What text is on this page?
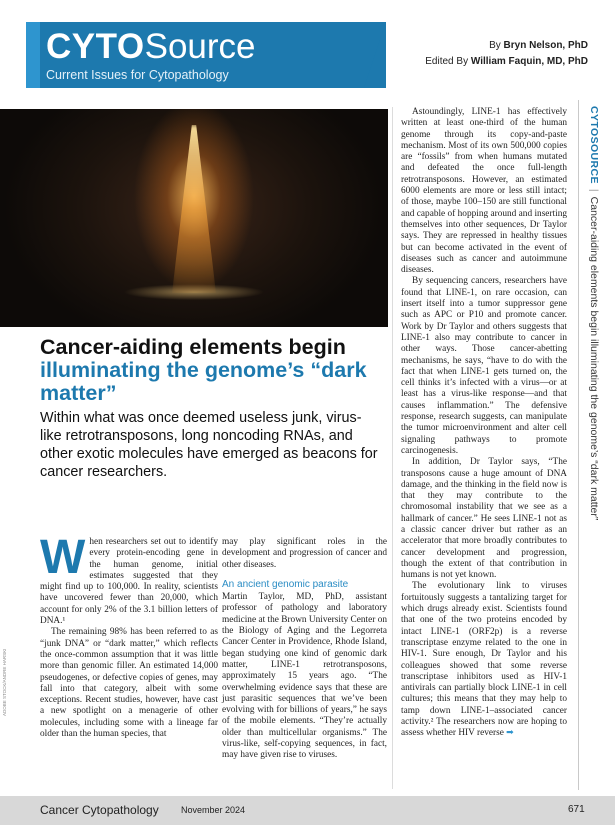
CYTOSource
Current Issues for Cytopathology
By Bryn Nelson, PhD
Edited By William Faquin, MD, PhD
ADOBE STOCK/ANDRE HARSKI
Cancer-aiding elements begin
illuminating the genome’s “dark matter”
Within what was once deemed useless junk, virus-like retrotransposons, long noncoding RNAs, and other exotic molecules have emerged as beacons for cancer researchers.

When researchers set out to identify every protein-encoding gene in the human genome, initial estimates suggested that they might find up to 100,000. In reality, scientists have uncovered fewer than 20,000, which account for only 2% of the 3.1 billion letters of DNA.¹

The remaining 98% has been referred to as “junk DNA” or “dark matter,” which reflects the once-common assumption that it was little more than genomic filler. An estimated 14,000 pseudogenes, or defective copies of genes, may fall into that category, albeit with some exceptions. Recent studies, however, have cast a new spotlight on a menagerie of other molecules, including some with a lineage far older than the human species, that

may play significant roles in the development and progression of cancer and other diseases.

An ancient genomic parasite

Martin Taylor, MD, PhD, assistant professor of pathology and laboratory medicine at the Brown University Center on the Biology of Aging and the Legorreta Cancer Center in Providence, Rhode Island, began studying one kind of genomic dark matter, LINE-1 retrotransposons, approximately 15 years ago. “The overwhelming evidence says that these are just parasitic sequences that we’ve been evolving with for billions of years,” he says of the mobile elements. “They’re actually older than multicellular organisms.” The virus-like, self-copying sequences, in fact, may have given rise to viruses.

Astoundingly, LINE-1 has effectively written at least one-third of the human genome through its copy-and-paste mechanism. Most of its own 500,000 copies are “fossils” from when humans mutated and defeated the once full-length retrotransposons. However, an estimated 6000 elements are more or less still intact; of those, maybe 100–150 are still functional and capable of hopping around and inserting themselves into other sequences, Dr Taylor says. They are repressed in healthy tissues but can become activated in the event of diseases such as cancer and autoimmune diseases.

By sequencing cancers, researchers have found that LINE-1, on rare occasion, can insert itself into a tumor suppressor gene such as APC or P10 and promote cancer. Work by Dr Taylor and others suggests that LINE-1 also may contribute to cancer in other ways. Those cancer-abetting mechanisms, he says, “have to do with the fact that when LINE-1 gets turned on, the cell thinks it’s infected with a virus—or at least has a virus-like response—and that causes inflammation.” The defensive response, research suggests, can manipulate the tumor microenvironment and alter cell signaling pathways to promote carcinogenesis.

In addition, Dr Taylor says, “The transposons cause a huge amount of DNA damage, and the thinking in the field now is that they may contribute to the chromosomal instability that we see as a hallmark of cancer.” He sees LINE-1 not as a classic cancer driver but rather as an accelerator that more broadly contributes to cancer development and progression, though the extent of that contribution in humans is not yet known.

The evolutionary link to viruses fortuitously suggests a tantalizing target for which drugs already exist. Scientists found that one of the two proteins encoded by intact LINE-1 (ORF2p) is a reverse transcriptase enzyme related to the one in HIV-1. Sure enough, Dr Taylor and his colleagues showed that some reverse transcriptase inhibitors used as HIV-1 antivirals can partially block LINE-1 in cell cultures; this means that they may help to tamp down LINE-1–associated cancer activity.² The researchers now are hoping to assess whether HIV reverse ➡

CYTOSOURCE|Cancer-aiding elements begin illuminating the genome’s “dark matter”
Cancer Cytopathology November 2024	671
